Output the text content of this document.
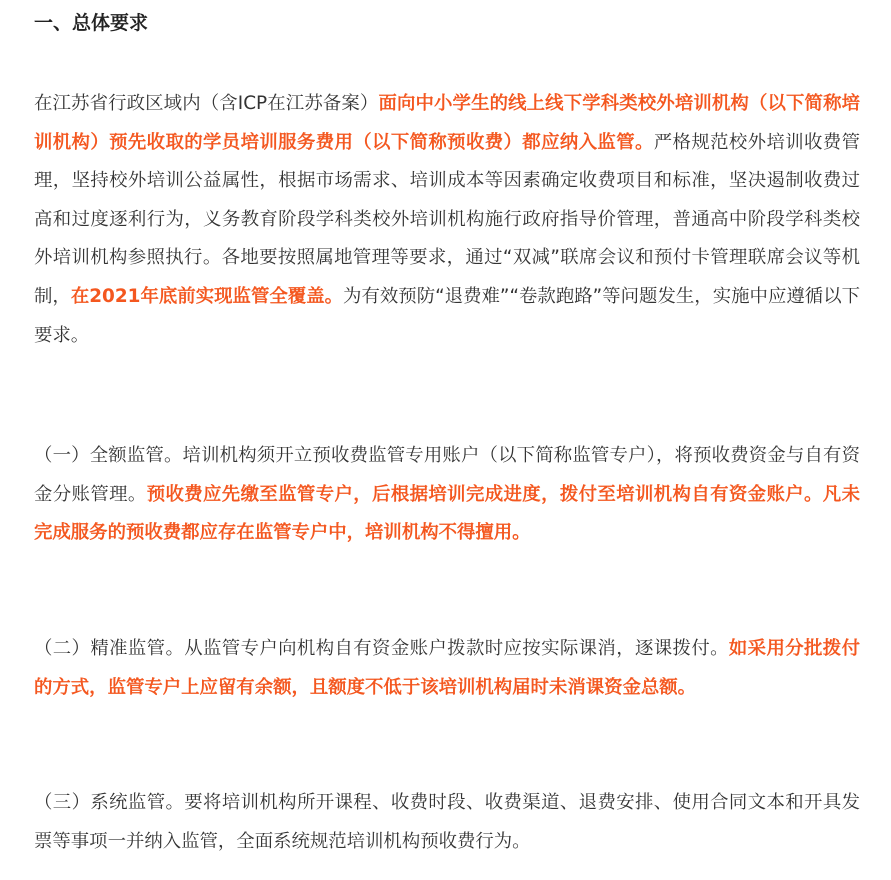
一、总体要求

在江苏省行政区域内（含ICP在江苏备案）面向中小学生的线上线下学科类校外培训机构（以下简称培训机构）预先收取的学员培训服务费用（以下简称预收费）都应纳入监管。严格规范校外培训收费管理，坚持校外培训公益属性，根据市场需求、培训成本等因素确定收费项目和标准，坚决遏制收费过高和过度逐利行为，义务教育阶段学科类校外培训机构施行政府指导价管理，普通高中阶段学科类校外培训机构参照执行。各地要按照属地管理等要求，通过“双减”联席会议和预付卡管理联席会议等机制，在2021年底前实现监管全覆盖。为有效预防“退费难”“卷款跑路”等问题发生，实施中应遵循以下要求。

（一）全额监管。培训机构须开立预收费监管专用账户（以下简称监管专户），将预收费资金与自有资金分账管理。预收费应先缴至监管专户，后根据培训完成进度，拨付至培训机构自有资金账户。凡未完成服务的预收费都应存在监管专户中，培训机构不得擅用。

（二）精准监管。从监管专户向机构自有资金账户拨款时应按实际课消，逐课拨付。如采用分批拨付的方式，监管专户上应留有余额，且额度不低于该培训机构届时未消课资金总额。

（三）系统监管。要将培训机构所开课程、收费时段、收费渠道、退费安排、使用合同文本和开具发票等事项一并纳入监管，全面系统规范培训机构预收费行为。
